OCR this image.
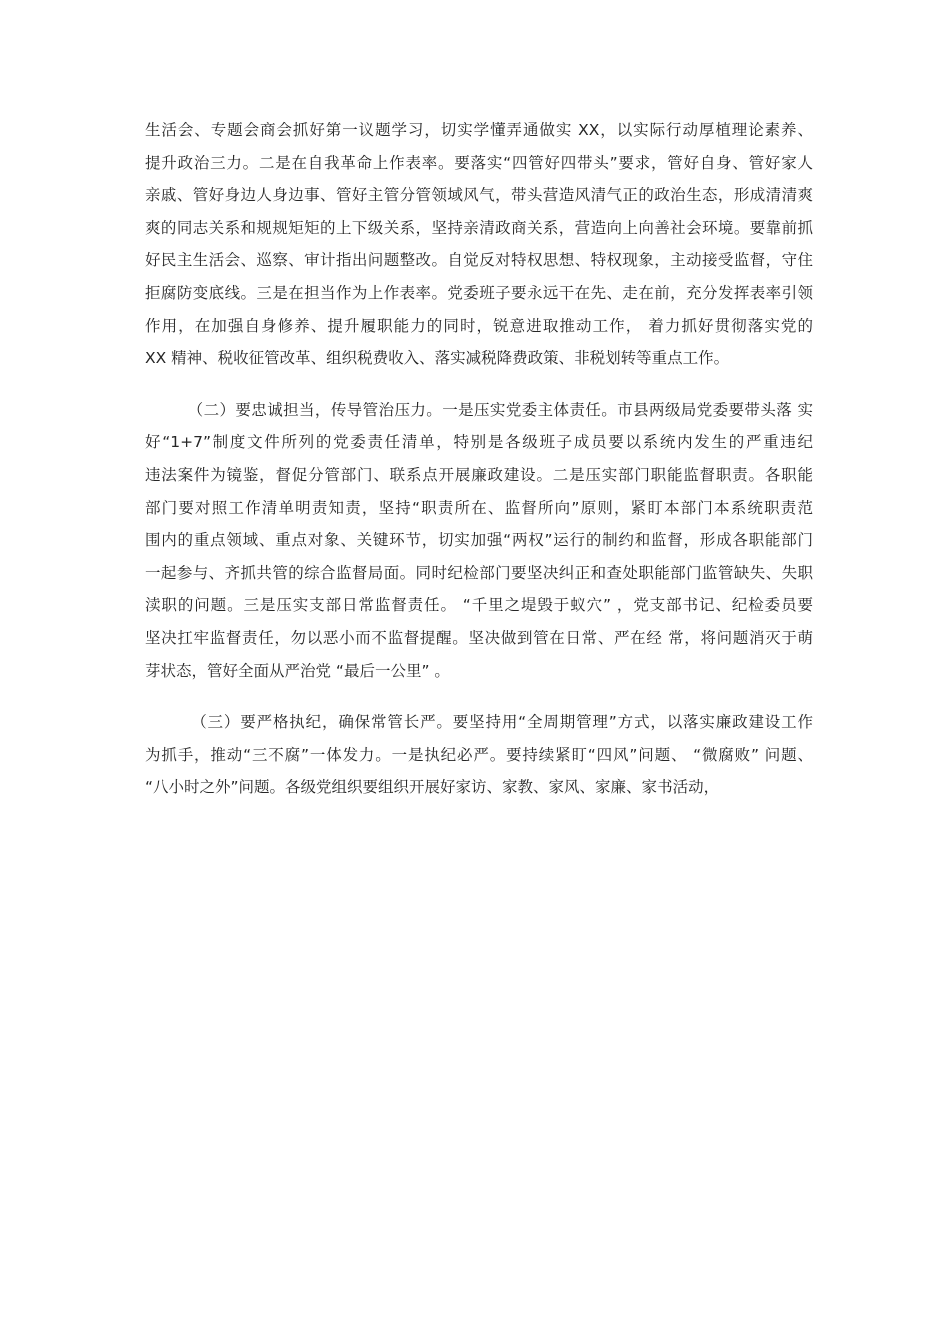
生活会、专题会商会抓好第一议题学习，切实学懂弄通做实 XX，以实际行动厚植理论素养、
提升政治三力。二是在自我革命上作表率。要落实“四管好四带头”要求，管好自身、管好家人
亲戚、管好身边人身边事、管好主管分管领域风气，带头营造风清气正的政治生态，形成清清爽
爽的同志关系和规规矩矩的上下级关系，坚持亲清政商关系，营造向上向善社会环境。要靠前抓
好民主生活会、巡察、审计指出问题整改。自觉反对特权思想、特权现象，主动接受监督，守住
拒腐防变底线。三是在担当作为上作表率。党委班子要永远干在先、走在前，充分发挥表率引领
作用，在加强自身修养、提升履职能力的同时，锐意进取推动工作， 着力抓好贯彻落实党的
XX 精神、税收征管改革、组织税费收入、落实减税降费政策、非税划转等重点工作。

（二）要忠诚担当，传导管治压力。一是压实党委主体责任。市县两级局党委要带头落 实
好“1+7”制度文件所列的党委责任清单，特别是各级班子成员要以系统内发生的严重违纪
违法案件为镜鉴，督促分管部门、联系点开展廉政建设。二是压实部门职能监督职责。各职能
部门要对照工作清单明责知责，坚持“职责所在、监督所向”原则，紧盯本部门本系统职责范
围内的重点领域、重点对象、关键环节，切实加强“两权”运行的制约和监督，形成各职能部门
一起参与、齐抓共管的综合监督局面。同时纪检部门要坚决纠正和查处职能部门监管缺失、失职
渎职的问题。三是压实支部日常监督责任。 “千里之堤毁于蚁穴” ，党支部书记、纪检委员要
坚决扛牢监督责任，勿以恶小而不监督提醒。坚决做到管在日常、严在经 常，将问题消灭于萌
芽状态，管好全面从严治党 “最后一公里” 。

（三）要严格执纪，确保常管长严。要坚持用“全周期管理”方式，以落实廉政建设工作
为抓手，推动“三不腐”一体发力。一是执纪必严。要持续紧盯“四风”问题、 “微腐败” 问题、
“八小时之外”问题。各级党组织要组织开展好家访、家教、家风、家廉、家书活动，
